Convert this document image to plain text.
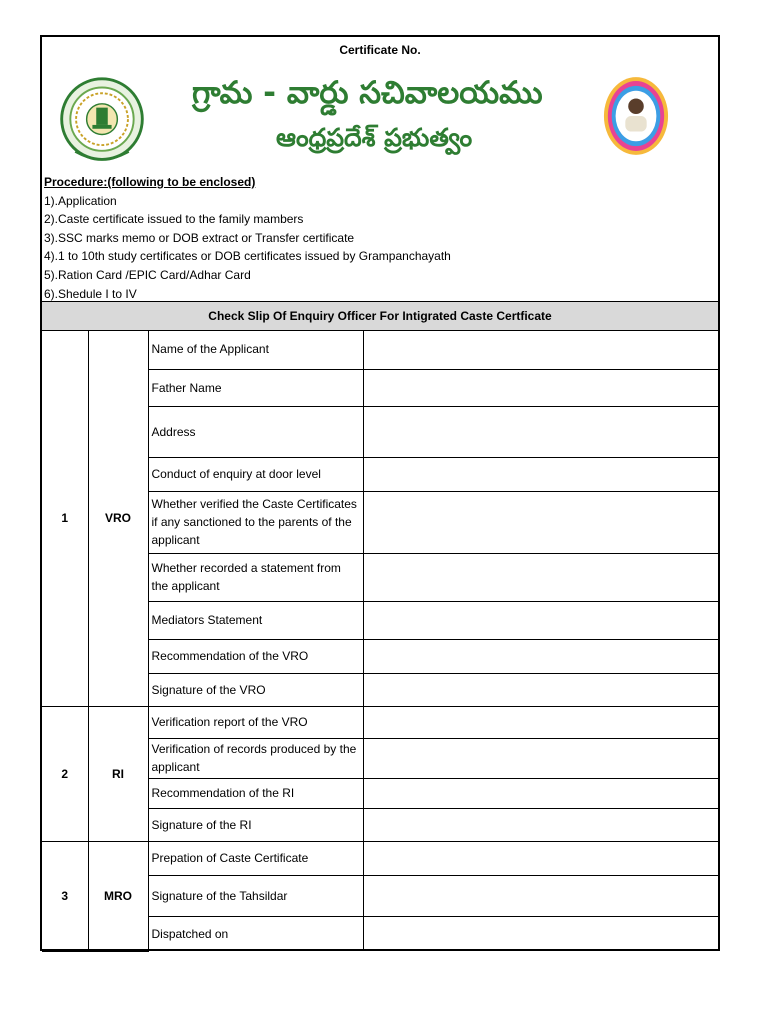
Certificate No.
గ్రామ - వార్డు సచివాలయము
ఆంధ్రప్రదేశ్ ప్రభుత్వం
Procedure:(following to be enclosed)
1).Application
2).Caste certificate issued to the family mambers
3).SSC marks memo or DOB extract or Transfer certificate
4).1 to 10th study certificates or DOB certificates issued by Grampanchayath
5).Ration Card /EPIC Card/Adhar Card
6).Shedule I to IV
Check Slip Of Enquiry Officer For Intigrated Caste Certficate
1	VRO	Name of the Applicant	
		Father Name	
		Address	
		Conduct of enquiry at door level	
		Whether verified the Caste Certificates if any sanctioned to the parents of the applicant	
		Whether recorded a statement from the applicant	
		Mediators Statement	
		Recommendation of the VRO	
		Signature of the VRO	
2	RI	Verification report of the VRO	
		Verification of records produced by the applicant	
		Recommendation of the RI	
		Signature of the RI	
3	MRO	Prepation of Caste Certificate	
		Signature of the Tahsildar	
		Dispatched on	
